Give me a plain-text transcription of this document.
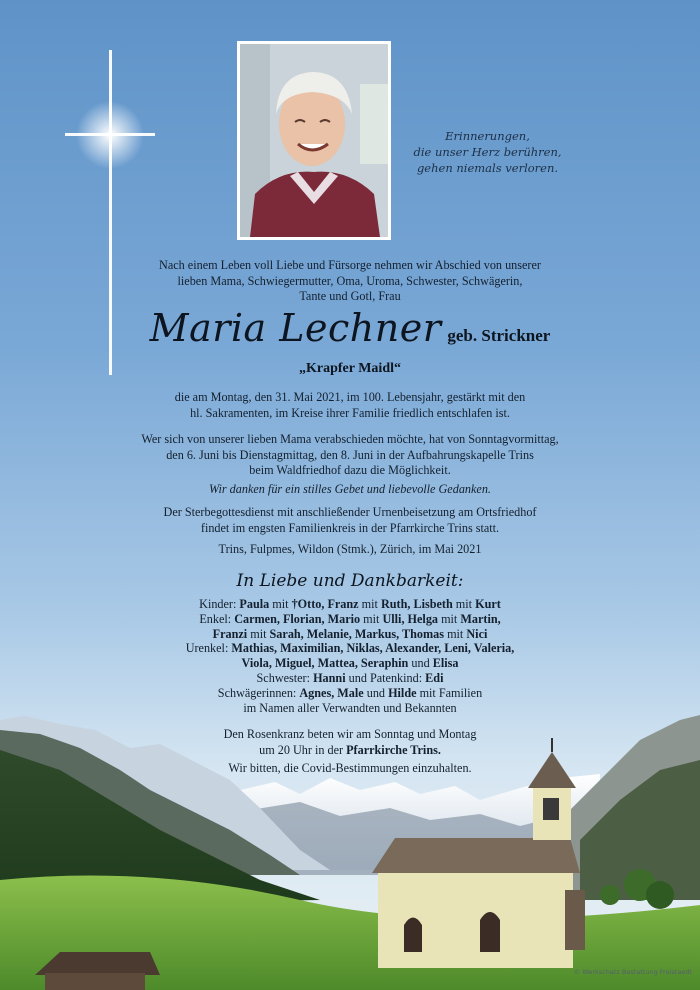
Erinnerungen,
die unser Herz berühren,
gehen niemals verloren.
Nach einem Leben voll Liebe und Fürsorge nehmen wir Abschied von unserer
lieben Mama, Schwiegermutter, Oma, Uroma, Schwester, Schwägerin,
Tante und Gotl, Frau
Maria Lechner geb. Strickner
„Krapfer Maidl“
die am Montag, den 31. Mai 2021, im 100. Lebensjahr, gestärkt mit den
hl. Sakramenten, im Kreise ihrer Familie friedlich entschlafen ist.
Wer sich von unserer lieben Mama verabschieden möchte, hat von Sonntagvormittag,
den 6. Juni bis Dienstagmittag, den 8. Juni in der Aufbahrungskapelle Trins
beim Waldfriedhof dazu die Möglichkeit.
Wir danken für ein stilles Gebet und liebevolle Gedanken.
Der Sterbegottesdienst mit anschließender Urnenbeisetzung am Ortsfriedhof
findet im engsten Familienkreis in der Pfarrkirche Trins statt.
Trins, Fulpmes, Wildon (Stmk.), Zürich, im Mai 2021
In Liebe und Dankbarkeit:
Kinder: Paula mit †Otto, Franz mit Ruth, Lisbeth mit Kurt
Enkel: Carmen, Florian, Mario mit Ulli, Helga mit Martin,
Franzi mit Sarah, Melanie, Markus, Thomas mit Nici
Urenkel: Mathias, Maximilian, Niklas, Alexander, Leni, Valeria,
Viola, Miguel, Mattea, Seraphin und Elisa
Schwester: Hanni und Patenkind: Edi
Schwägerinnen: Agnes, Male und Hilde mit Familien
im Namen aller Verwandten und Bekannten
Den Rosenkranz beten wir am Sonntag und Montag
um 20 Uhr in der Pfarrkirche Trins.
Wir bitten, die Covid-Bestimmungen einzuhalten.
© Werkschatz Bestattung Freistaedt
